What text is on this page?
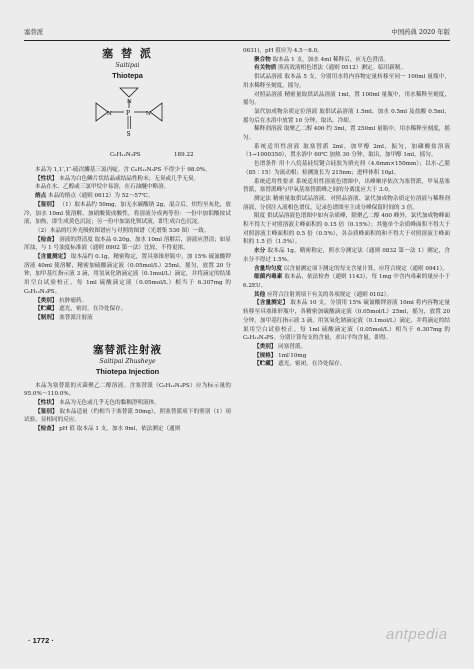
塞替派	中国药典 2020 年版
塞 替 派
Saitipai
Thiotepa
P
S
N	N
N
C₆H₁₂N₃PS	189.22

本品为 1,1′,1″-硫次膦基三氮丙啶。含 C₆H₁₂N₃PS 不得少于 98.0%。

【性状】 本品为白色鳞片状结晶或结晶性粉末；无臭或几乎无臭。

本品在水、乙醇或三氯甲烷中易溶，在石油醚中略溶。

熔点 本品的熔点（通则 0612）为 52～57℃。

【鉴别】 （1）取本品约 50mg，加无水碳酸钠 2g，混合后，炽灼至灰化，放冷，加水 10ml 使溶解，加硝酸使成酸性，将溶液分成两等份：一份中加钼酸铵试液，加热，即生成黄色沉淀；另一份中加氯化钡试液，即生成白色沉淀。

（2）本品的红外光吸收图谱应与对照的图谱（光谱集 530 图）一致。

【检查】 溶液的澄清度 取本品 0.20g，加水 10ml 溶解后，溶液应澄清；如显浑浊，与 1 号浊度标准液（通则 0902 第一法）比较，不得更浓。

【含量测定】 取本品约 0.1g，精密称定，置具塞锥形瓶中，加 15% 硫氰酸钾溶液 40ml 使溶解，精密加硫酸滴定液（0.05mol/L）25ml，摇匀，放置 20 分钟，加甲基红指示液 3 滴，用氢氧化钠滴定液（0.1mol/L）滴定，并将滴定的结果用空白试验校正。每 1ml 硫酸滴定液（0.05mol/L）相当于 6.307mg 的 C₆H₁₂N₃PS。

【类别】 抗肿瘤药。

【贮藏】 遮光，密封，在冷处保存。

【制剂】 塞替派注射液

塞替派注射液
Saitipai Zhusheye
Thiotepa Injection

本品为塞替派的灭菌聚乙二醇溶液。含塞替派（C₆H₁₂N₃PS）应为标示量的 95.0%～110.0%。

【性状】 本品为无色或几乎无色的黏稠澄明液体。

【鉴别】 取本品适量（约相当于塞替派 50mg），照塞替派项下的鉴别（1）项试验，显相同的反应。

【检查】 pH 值 取本品 1 支，加水 9ml，依法测定（通则

0631)，pH 值应为 4.5～8.0。

聚合物 取本品 1 支，加水 4ml 稀释后，应无色澄清。

有关物质 照高效液相色谱法（通则 0512）测定。临用新制。

供试品溶液 取本品 5 支，分别用水将内容物定量转移至同一 100ml 量瓶中，用水稀释至刻度，摇匀。

对照品溶液 精密量取供试品溶液 1ml，置 100ml 量瓶中，用水稀释至刻度，摇匀。

氯代加成物杂质定位溶液 取供试品溶液 1.5ml，加水 0.5ml 及盐酸 0.5ml，摇匀后在水浴中放置 10 分钟，取出，冷却。

稀释剂溶液 取聚乙二醇 400 约 3ml，置 250ml 量瓶中，用水稀释至刻度，摇匀。

系统适用性溶液 取塞替派 2ml，加甲醇 2ml，振匀，加磷酸盐溶液（1→1000350），置水浴中 60℃ 加热 30 分钟，取出，加甲醇 1ml，摇匀。

色谱条件 用十八烷基硅烷键合硅胶为填充剂（4.6mm×150mm）；以水-乙腈（85∶15）为流动相；检测波长为 215nm；进样体积 10μl。

系统适用性要求 系统适用性溶液色谱图中，出峰顺序依次为塞替派，甲氧基塞替派，塞替派峰与甲氧基塞替派峰之间的分离度应大于 3.0。

测定法 精密量取供试品溶液、对照品溶液、氯代加成物杂质定位溶液与稀释剂溶液，分别注入液相色谱仪，记录色谱图至主成分峰保留时间的 3 倍。

限度 供试品溶液色谱图中如有杂质峰，除聚乙二醇 400 峰外，氯代加成物峰面积不得大于对照溶液主峰面积的 0.15 倍（0.15%）；其他单个杂质峰面积不得大于对照溶液主峰面积的 0.5 倍（0.5%），各杂质峰面积的和不得大于对照溶液主峰面积的 1.5 倍（1.5%）。

水分 取本品 1g，精密称定，照水分测定法（通则 0832 第一法 1）测定，含水分不得过 1.5%。

含量均匀度 以含量测定项下测定的每支含量计算，应符合规定（通则 0941）。

细菌内毒素 取本品，依法检查（通则 1143），每 1mg 中含内毒素的量应小于 6.2EU。

其他 应符合注射剂项下有关的各项规定（通则 0102）。

【含量测定】 取本品 10 支，分别用 15% 硫氰酸钾溶液 10ml 将内容物定量转移至具塞锥形瓶中，各精密加硫酸滴定液（0.05mol/L）25ml，摇匀，放置 20 分钟，加甲基红指示液 3 滴，用氢氧化钠滴定液（0.1mol/L）滴定，并将滴定的结果用空白试验校正。每 1ml 硫酸滴定液（0.05mol/L）相当于 6.307mg 的 C₆H₁₂N₃PS。分别计算每支的含量，求出平均含量，即得。

【类别】 同塞替派。

【规格】 1ml∶10mg

【贮藏】 遮光，密闭，在冷处保存。

· 1772 ·	antpedia
